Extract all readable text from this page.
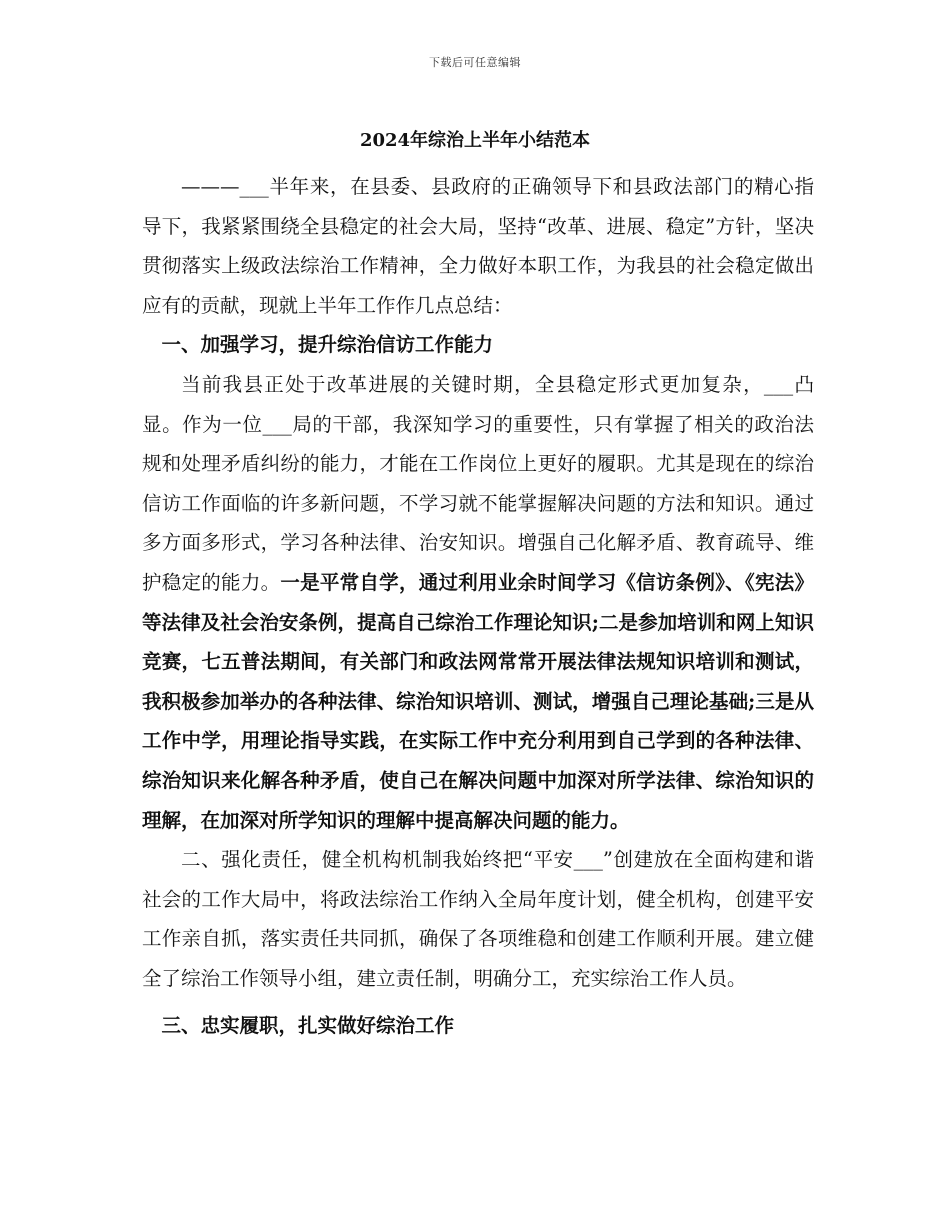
下载后可任意编辑
2024年综治上半年小结范本

———___半年来，在县委、县政府的正确领导下和县政法部门的精心指导下，我紧紧围绕全县稳定的社会大局，坚持“改革、进展、稳定”方针，坚决贯彻落实上级政法综治工作精神，全力做好本职工作，为我县的社会稳定做出应有的贡献，现就上半年工作作几点总结：

一、加强学习，提升综治信访工作能力

当前我县正处于改革进展的关键时期，全县稳定形式更加复杂，___凸显。作为一位___局的干部，我深知学习的重要性，只有掌握了相关的政治法规和处理矛盾纠纷的能力，才能在工作岗位上更好的履职。尤其是现在的综治信访工作面临的许多新问题，不学习就不能掌握解决问题的方法和知识。通过多方面多形式，学习各种法律、治安知识。增强自己化解矛盾、教育疏导、维护稳定的能力。一是平常自学，通过利用业余时间学习《信访条例》、《宪法》等法律及社会治安条例，提高自己综治工作理论知识;二是参加培训和网上知识竞赛，七五普法期间，有关部门和政法网常常开展法律法规知识培训和测试，我积极参加举办的各种法律、综治知识培训、测试，增强自己理论基础;三是从工作中学，用理论指导实践，在实际工作中充分利用到自己学到的各种法律、综治知识来化解各种矛盾，使自己在解决问题中加深对所学法律、综治知识的理解，在加深对所学知识的理解中提高解决问题的能力。

二、强化责任，健全机构机制我始终把“平安___”创建放在全面构建和谐社会的工作大局中，将政法综治工作纳入全局年度计划，健全机构，创建平安工作亲自抓，落实责任共同抓，确保了各项维稳和创建工作顺利开展。建立健全了综治工作领导小组，建立责任制，明确分工，充实综治工作人员。

三、忠实履职，扎实做好综治工作
